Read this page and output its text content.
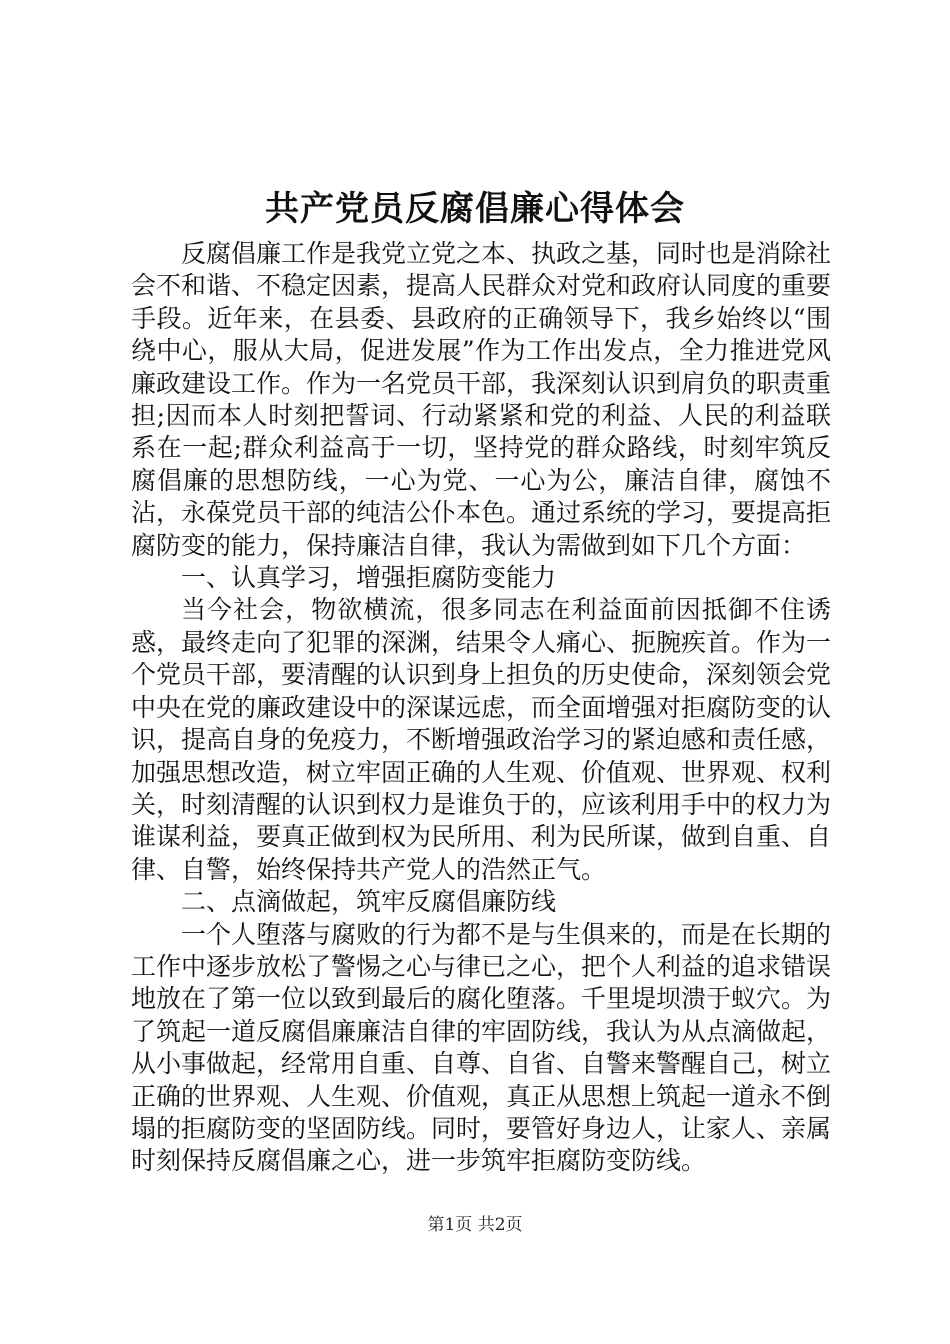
共产党员反腐倡廉心得体会

反腐倡廉工作是我党立党之本、执政之基，同时也是消除社会不和谐、不稳定因素，提高人民群众对党和政府认同度的重要手段。近年来，在县委、县政府的正确领导下，我乡始终以“围绕中心，服从大局，促进发展”作为工作出发点，全力推进党风廉政建设工作。作为一名党员干部，我深刻认识到肩负的职责重担;因而本人时刻把誓词、行动紧紧和党的利益、人民的利益联系在一起;群众利益高于一切，坚持党的群众路线，时刻牢筑反腐倡廉的思想防线，一心为党、一心为公，廉洁自律，腐蚀不沾，永葆党员干部的纯洁公仆本色。通过系统的学习，要提高拒腐防变的能力，保持廉洁自律，我认为需做到如下几个方面：

一、认真学习，增强拒腐防变能力

当今社会，物欲横流，很多同志在利益面前因抵御不住诱惑，最终走向了犯罪的深渊，结果令人痛心、扼腕疾首。作为一个党员干部，要清醒的认识到身上担负的历史使命，深刻领会党中央在党的廉政建设中的深谋远虑，而全面增强对拒腐防变的认识，提高自身的免疫力，不断增强政治学习的紧迫感和责任感，加强思想改造，树立牢固正确的人生观、价值观、世界观、权利关，时刻清醒的认识到权力是谁负于的，应该利用手中的权力为谁谋利益，要真正做到权为民所用、利为民所谋，做到自重、自律、自警，始终保持共产党人的浩然正气。

二、点滴做起，筑牢反腐倡廉防线

一个人堕落与腐败的行为都不是与生俱来的，而是在长期的工作中逐步放松了警惕之心与律已之心，把个人利益的追求错误地放在了第一位以致到最后的腐化堕落。千里堤坝溃于蚁穴。为了筑起一道反腐倡廉廉洁自律的牢固防线，我认为从点滴做起，从小事做起，经常用自重、自尊、自省、自警来警醒自己，树立正确的世界观、人生观、价值观，真正从思想上筑起一道永不倒塌的拒腐防变的坚固防线。同时，要管好身边人，让家人、亲属时刻保持反腐倡廉之心，进一步筑牢拒腐防变防线。

第1页 共2页
